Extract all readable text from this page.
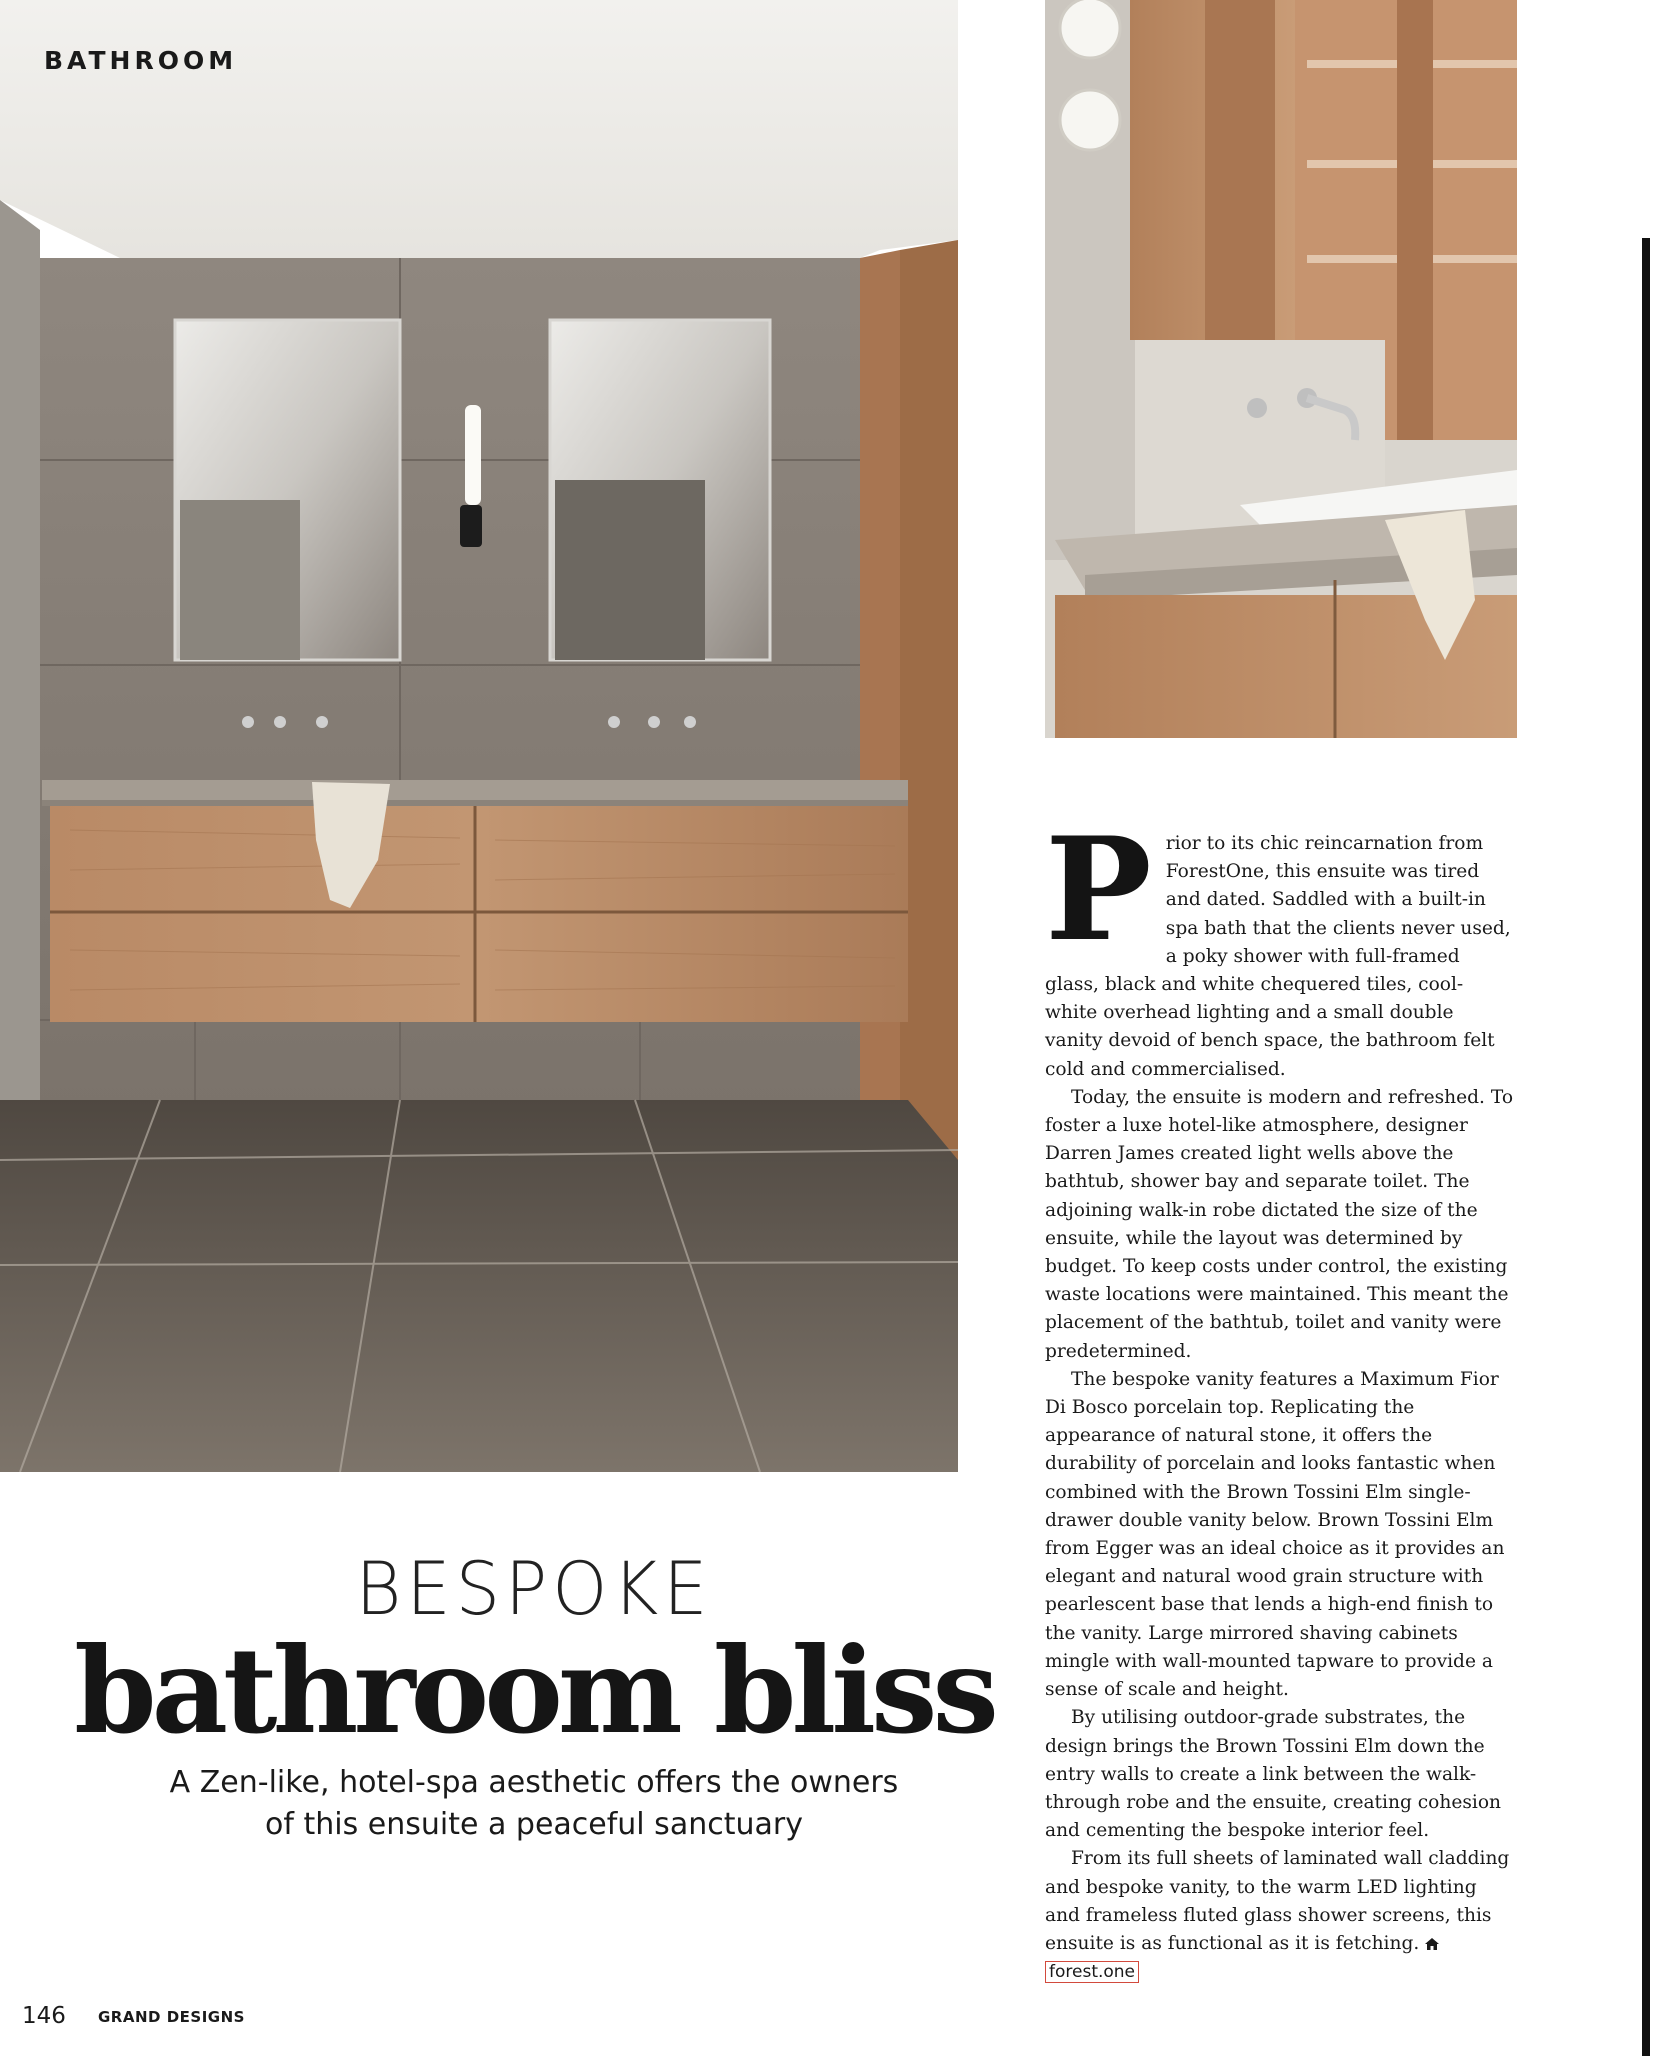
BATHROOM

BESPOKE

bathroom bliss

A Zen-like, hotel-spa aesthetic offers the owners
of this ensuite a peaceful sanctuary

Prior to its chic reincarnation from ForestOne, this ensuite was tired and dated. Saddled with a built-in spa bath that the clients never used, a poky shower with full-framed glass, black and white chequered tiles, cool-white overhead lighting and a small double vanity devoid of bench space, the bathroom felt cold and commercialised.

Today, the ensuite is modern and refreshed. To foster a luxe hotel-like atmosphere, designer Darren James created light wells above the bathtub, shower bay and separate toilet. The adjoining walk-in robe dictated the size of the ensuite, while the layout was determined by budget. To keep costs under control, the existing waste locations were maintained. This meant the placement of the bathtub, toilet and vanity were predetermined.

The bespoke vanity features a Maximum Fior Di Bosco porcelain top. Replicating the appearance of natural stone, it offers the durability of porcelain and looks fantastic when combined with the Brown Tossini Elm single-drawer double vanity below. Brown Tossini Elm from Egger was an ideal choice as it provides an elegant and natural wood grain structure with pearlescent base that lends a high-end finish to the vanity. Large mirrored shaving cabinets mingle with wall-mounted tapware to provide a sense of scale and height.

By utilising outdoor-grade substrates, the design brings the Brown Tossini Elm down the entry walls to create a link between the walk-through robe and the ensuite, creating cohesion and cementing the bespoke interior feel.

From its full sheets of laminated wall cladding and bespoke vanity, to the warm LED lighting and frameless fluted glass shower screens, this ensuite is as functional as it is fetching. forest.one

146 GRAND DESIGNS
